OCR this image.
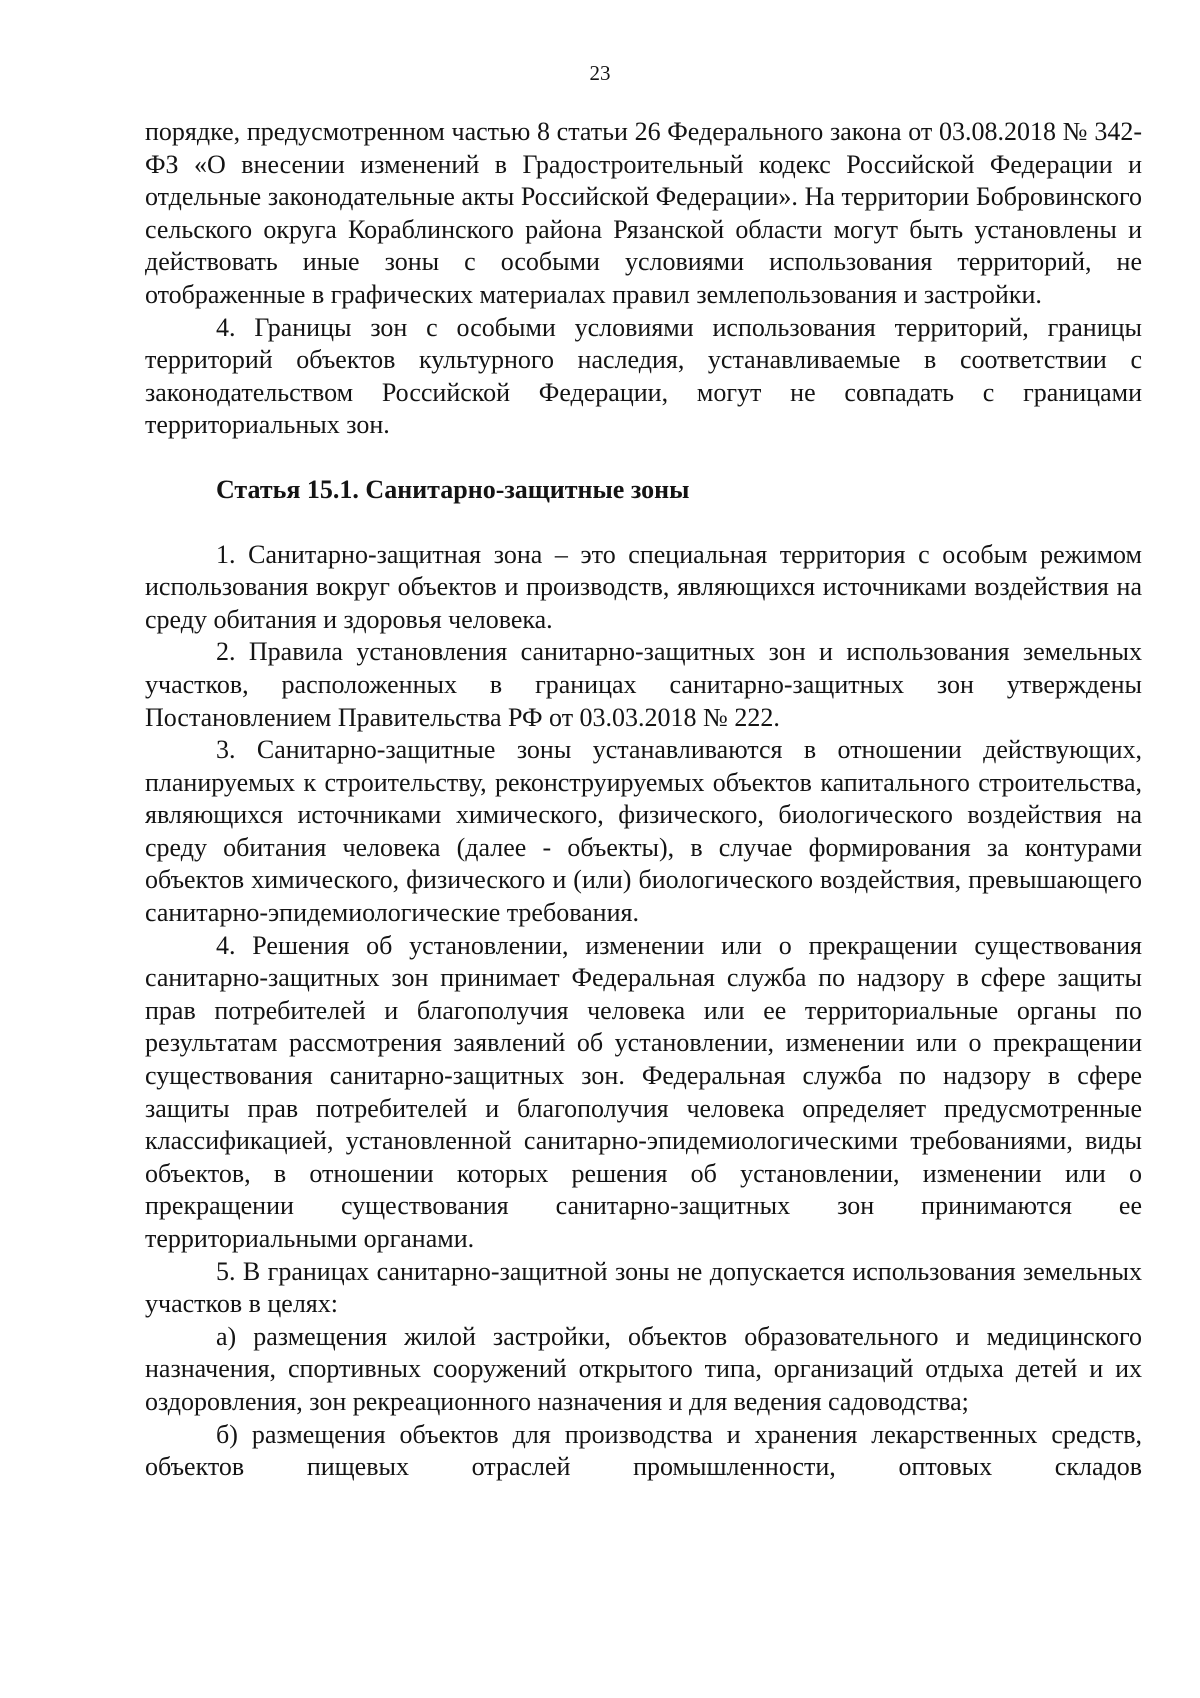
23

порядке, предусмотренном частью 8 статьи 26 Федерального закона от 03.08.2018 № 342-ФЗ «О внесении изменений в Градостроительный кодекс Российской Федерации и отдельные законодательные акты Российской Федерации». На территории Бобровинского сельского округа Кораблинского района Рязанской области могут быть установлены и действовать иные зоны с особыми условиями использования территорий, не отображенные в графических материалах правил землепользования и застройки.

4. Границы зон с особыми условиями использования территорий, границы территорий объектов культурного наследия, устанавливаемые в соответствии с законодательством Российской Федерации, могут не совпадать с границами территориальных зон.

Статья 15.1. Санитарно-защитные зоны

1. Санитарно-защитная зона – это специальная территория с особым режимом использования вокруг объектов и производств, являющихся источниками воздействия на среду обитания и здоровья человека.

2. Правила установления санитарно-защитных зон и использования земельных участков, расположенных в границах санитарно-защитных зон утверждены Постановлением Правительства РФ от 03.03.2018 № 222.

3. Санитарно-защитные зоны устанавливаются в отношении действующих, планируемых к строительству, реконструируемых объектов капитального строительства, являющихся источниками химического, физического, биологического воздействия на среду обитания человека (далее - объекты), в случае формирования за контурами объектов химического, физического и (или) биологического воздействия, превышающего санитарно-эпидемиологические требования.

4. Решения об установлении, изменении или о прекращении существования санитарно-защитных зон принимает Федеральная служба по надзору в сфере защиты прав потребителей и благополучия человека или ее территориальные органы по результатам рассмотрения заявлений об установлении, изменении или о прекращении существования санитарно-защитных зон. Федеральная служба по надзору в сфере защиты прав потребителей и благополучия человека определяет предусмотренные классификацией, установленной санитарно-эпидемиологическими требованиями, виды объектов, в отношении которых решения об установлении, изменении или о прекращении существования санитарно-защитных зон принимаются ее территориальными органами.

5. В границах санитарно-защитной зоны не допускается использования земельных участков в целях:

а) размещения жилой застройки, объектов образовательного и медицинского назначения, спортивных сооружений открытого типа, организаций отдыха детей и их оздоровления, зон рекреационного назначения и для ведения садоводства;

б) размещения объектов для производства и хранения лекарственных средств, объектов пищевых отраслей промышленности, оптовых складов
